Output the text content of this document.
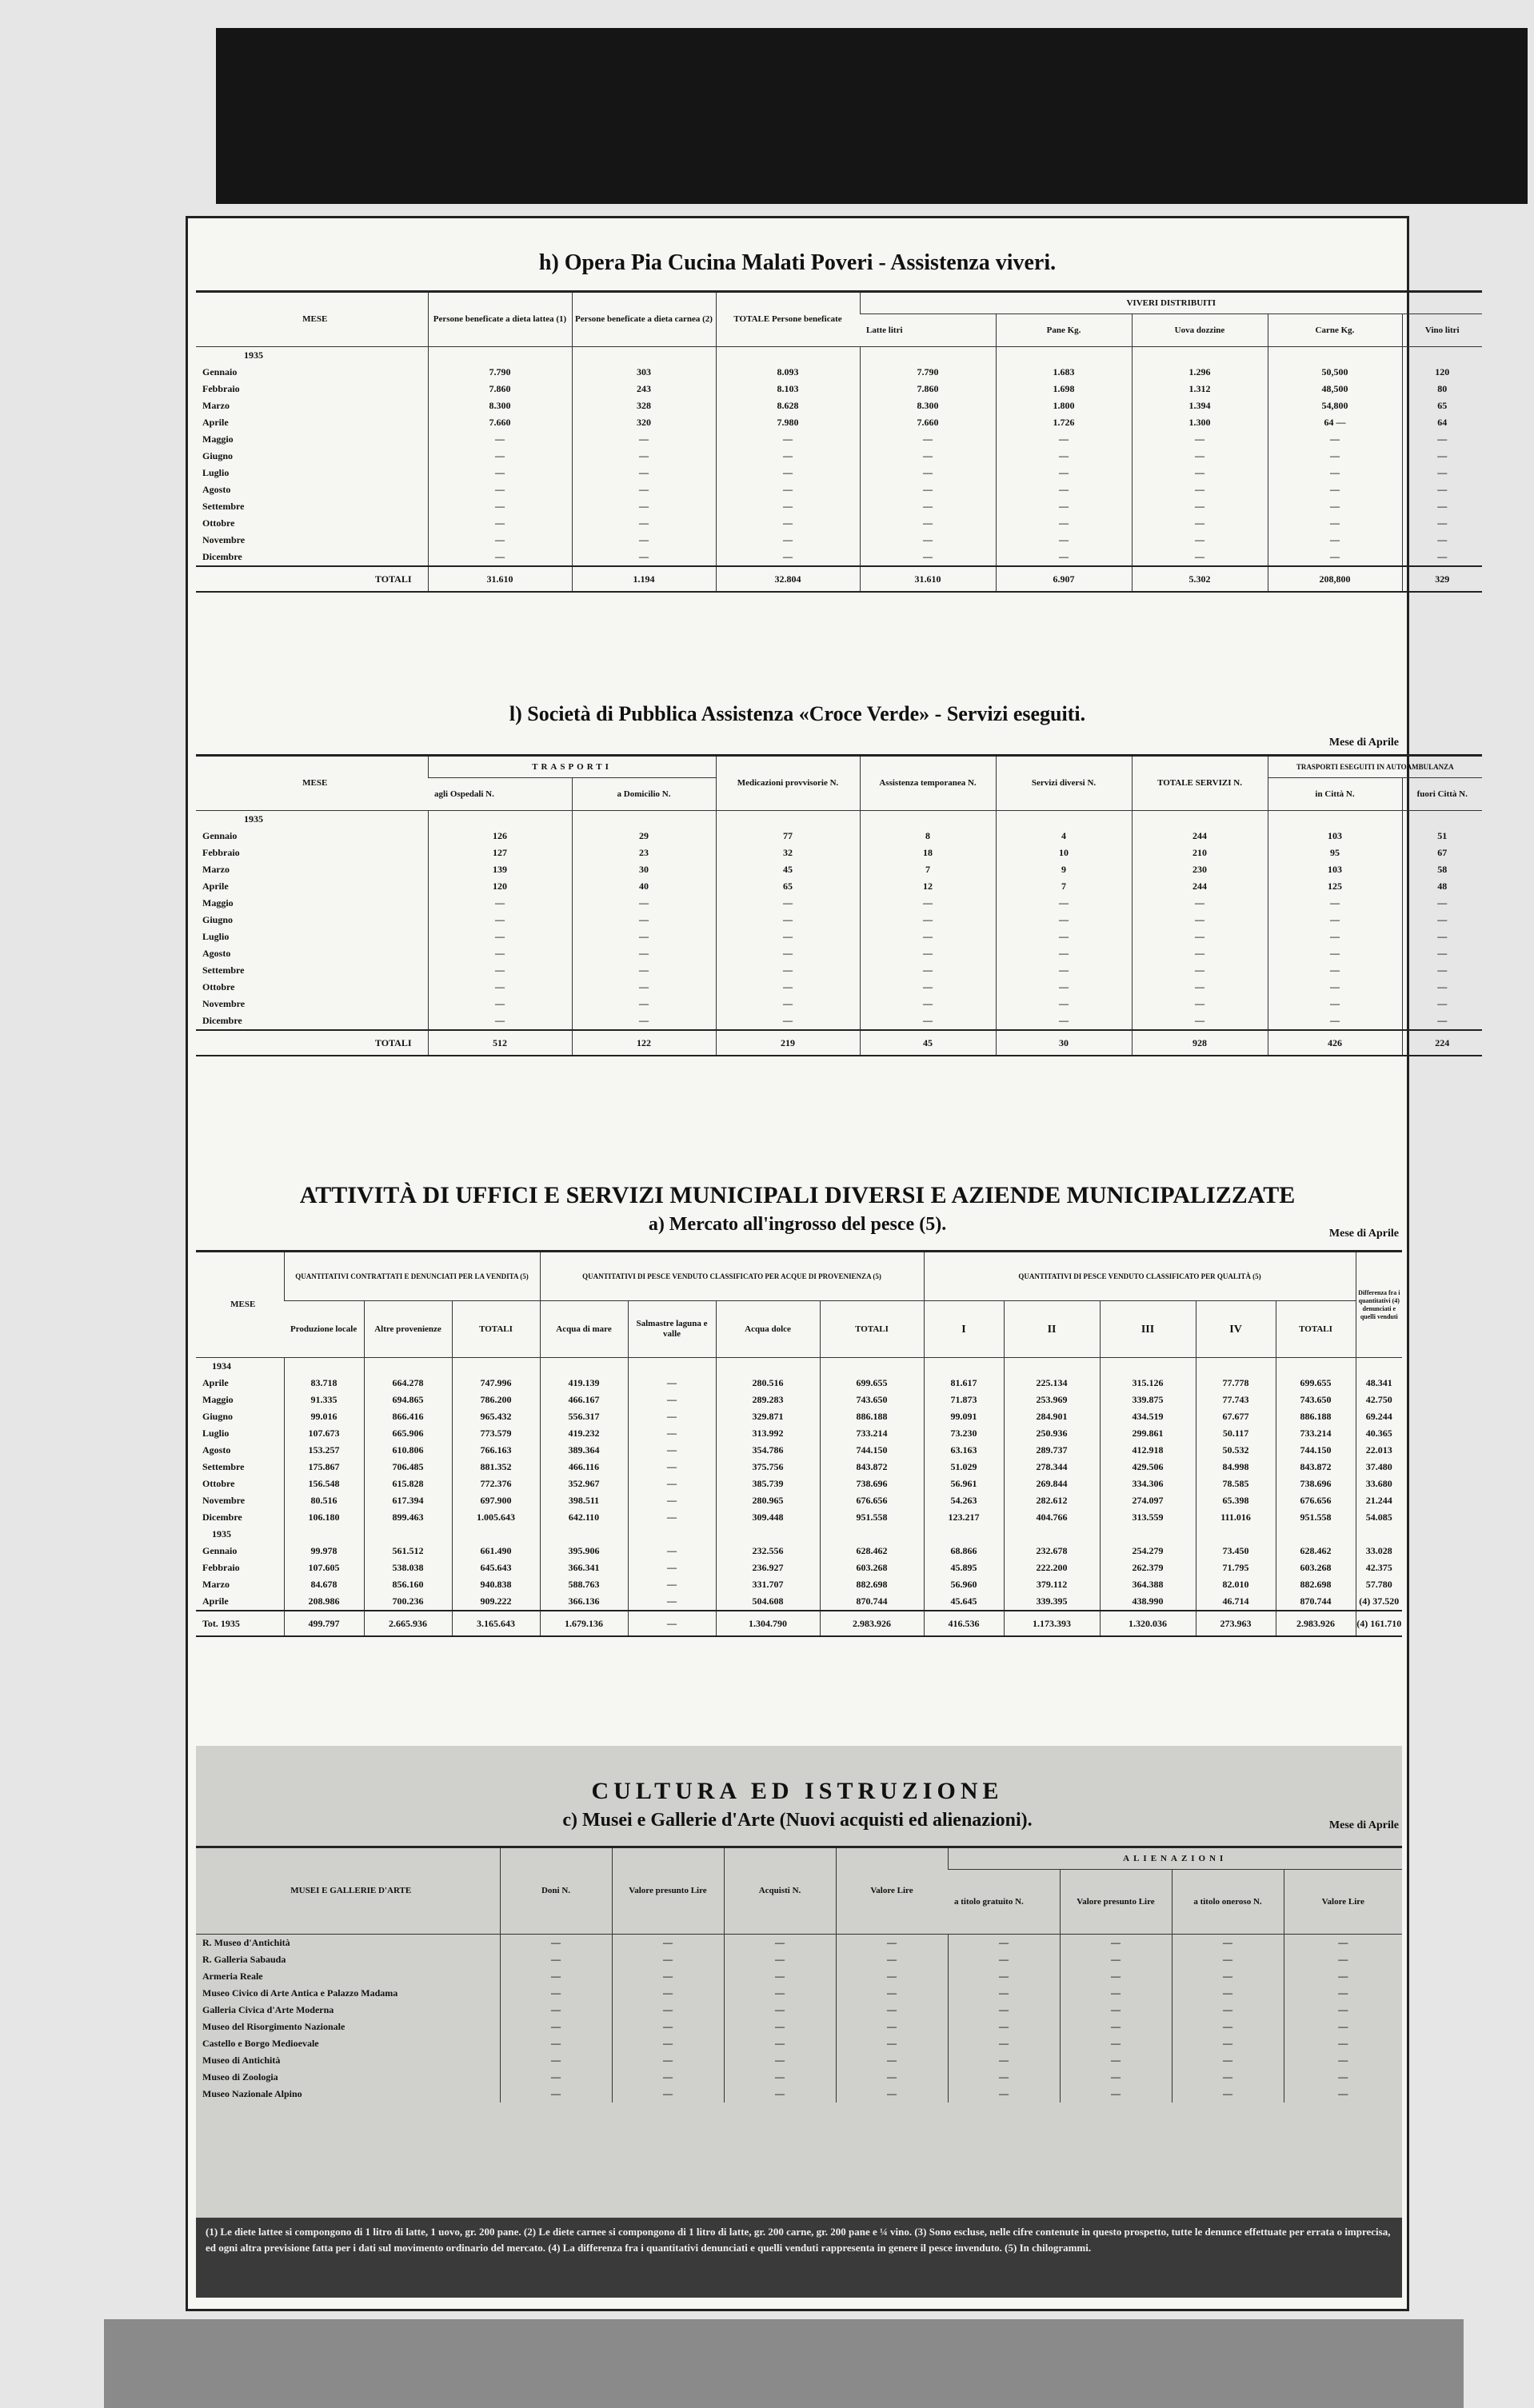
h) Opera Pia Cucina Malati Poveri - Assistenza viveri.
MESE	Persone beneficate a dieta lattea (1)	Persone beneficate a dieta carnea (2)	TOTALE Persone beneficate	VIVERI DISTRIBUITI				
				Latte litri	Pane Kg.	Uova dozzine	Carne Kg.	Vino litri
1935								
Gennaio	7.790	303	8.093	7.790	1.683	1.296	50,500	120
Febbraio	7.860	243	8.103	7.860	1.698	1.312	48,500	80
Marzo	8.300	328	8.628	8.300	1.800	1.394	54,800	65
Aprile	7.660	320	7.980	7.660	1.726	1.300	64 —	64
Maggio	—	—	—	—	—	—	—	—
Giugno	—	—	—	—	—	—	—	—
Luglio	—	—	—	—	—	—	—	—
Agosto	—	—	—	—	—	—	—	—
Settembre	—	—	—	—	—	—	—	—
Ottobre	—	—	—	—	—	—	—	—
Novembre	—	—	—	—	—	—	—	—
Dicembre	—	—	—	—	—	—	—	—
TOTALI	31.610	1.194	32.804	31.610	6.907	5.302	208,800	329
l) Società di Pubblica Assistenza «Croce Verde» - Servizi eseguiti.
Mese di Aprile
MESE	TRASPORTI		Medicazioni provvisorie N.	Assistenza temporanea N.	Servizi diversi N.	TOTALE SERVIZI N.	TRASPORTI ESEGUITI IN AUTOAMBULANZA	
	agli Ospedali N.	a Domicilio N.					in Città N.	fuori Città N.
1935								
Gennaio	126	29	77	8	4	244	103	51
Febbraio	127	23	32	18	10	210	95	67
Marzo	139	30	45	7	9	230	103	58
Aprile	120	40	65	12	7	244	125	48
Maggio	—	—	—	—	—	—	—	—
Giugno	—	—	—	—	—	—	—	—
Luglio	—	—	—	—	—	—	—	—
Agosto	—	—	—	—	—	—	—	—
Settembre	—	—	—	—	—	—	—	—
Ottobre	—	—	—	—	—	—	—	—
Novembre	—	—	—	—	—	—	—	—
Dicembre	—	—	—	—	—	—	—	—
TOTALI	512	122	219	45	30	928	426	224
ATTIVITÀ DI UFFICI E SERVIZI MUNICIPALI DIVERSI E AZIENDE MUNICIPALIZZATE
a) Mercato all'ingrosso del pesce (5).	Mese di Aprile
MESE	QUANTITATIVI CONTRATTATI E DENUNCIATI PER LA VENDITA (5)			QUANTITATIVI DI PESCE VENDUTO CLASSIFICATO PER ACQUE DI PROVENIENZA (5)				QUANTITATIVI DI PESCE VENDUTO CLASSIFICATO PER QUALITÀ (5)					Differenza fra i quantitativi (4) denunciati e quelli venduti
	Produzione locale	Altre provenienze	TOTALI	Acqua di mare	Salmastre laguna e valle	Acqua dolce	TOTALI	I	II	III	IV	TOTALI	
1934													
Aprile	83.718	664.278	747.996	419.139	—	280.516	699.655	81.617	225.134	315.126	77.778	699.655	48.341
Maggio	91.335	694.865	786.200	466.167	—	289.283	743.650	71.873	253.969	339.875	77.743	743.650	42.750
Giugno	99.016	866.416	965.432	556.317	—	329.871	886.188	99.091	284.901	434.519	67.677	886.188	69.244
Luglio	107.673	665.906	773.579	419.232	—	313.992	733.214	73.230	250.936	299.861	50.117	733.214	40.365
Agosto	153.257	610.806	766.163	389.364	—	354.786	744.150	63.163	289.737	412.918	50.532	744.150	22.013
Settembre	175.867	706.485	881.352	466.116	—	375.756	843.872	51.029	278.344	429.506	84.998	843.872	37.480
Ottobre	156.548	615.828	772.376	352.967	—	385.739	738.696	56.961	269.844	334.306	78.585	738.696	33.680
Novembre	80.516	617.394	697.900	398.511	—	280.965	676.656	54.263	282.612	274.097	65.398	676.656	21.244
Dicembre	106.180	899.463	1.005.643	642.110	—	309.448	951.558	123.217	404.766	313.559	111.016	951.558	54.085
1935													
Gennaio	99.978	561.512	661.490	395.906	—	232.556	628.462	68.866	232.678	254.279	73.450	628.462	33.028
Febbraio	107.605	538.038	645.643	366.341	—	236.927	603.268	45.895	222.200	262.379	71.795	603.268	42.375
Marzo	84.678	856.160	940.838	588.763	—	331.707	882.698	56.960	379.112	364.388	82.010	882.698	57.780
Aprile	208.986	700.236	909.222	366.136	—	504.608	870.744	45.645	339.395	438.990	46.714	870.744	(4) 37.520
Tot. 1935	499.797	2.665.936	3.165.643	1.679.136	—	1.304.790	2.983.926	416.536	1.173.393	1.320.036	273.963	2.983.926	(4) 161.710
CULTURA ED ISTRUZIONE
c) Musei e Gallerie d'Arte (Nuovi acquisti ed alienazioni).	Mese di Aprile
MUSEI E GALLERIE D'ARTE	Doni N.	Valore presunto Lire	Acquisti N.	Valore Lire	ALIENAZIONI			
					a titolo gratuito N.	Valore presunto Lire	a titolo oneroso N.	Valore Lire
R. Museo d'Antichità	—	—	—	—	—	—	—	—
R. Galleria Sabauda	—	—	—	—	—	—	—	—
Armeria Reale	—	—	—	—	—	—	—	—
Museo Civico di Arte Antica e Palazzo Madama	—	—	—	—	—	—	—	—
Galleria Civica d'Arte Moderna	—	—	—	—	—	—	—	—
Museo del Risorgimento Nazionale	—	—	—	—	—	—	—	—
Castello e Borgo Medioevale	—	—	—	—	—	—	—	—
Museo di Antichità	—	—	—	—	—	—	—	—
Museo di Zoologia	—	—	—	—	—	—	—	—
Museo Nazionale Alpino	—	—	—	—	—	—	—	—
(1) Le diete lattee si compongono di 1 litro di latte, 1 uovo, gr. 200 pane. (2) Le diete carnee si compongono di 1 litro di latte, gr. 200 carne, gr. 200 pane e ¼ vino. (3) Sono escluse, nelle cifre contenute in questo prospetto, tutte le denunce effettuate per errata o imprecisa, ed ogni altra previsione fatta per i dati sul movimento ordinario del mercato. (4) La differenza fra i quantitativi denunciati e quelli venduti rappresenta in genere il pesce invenduto. (5) In chilogrammi.
